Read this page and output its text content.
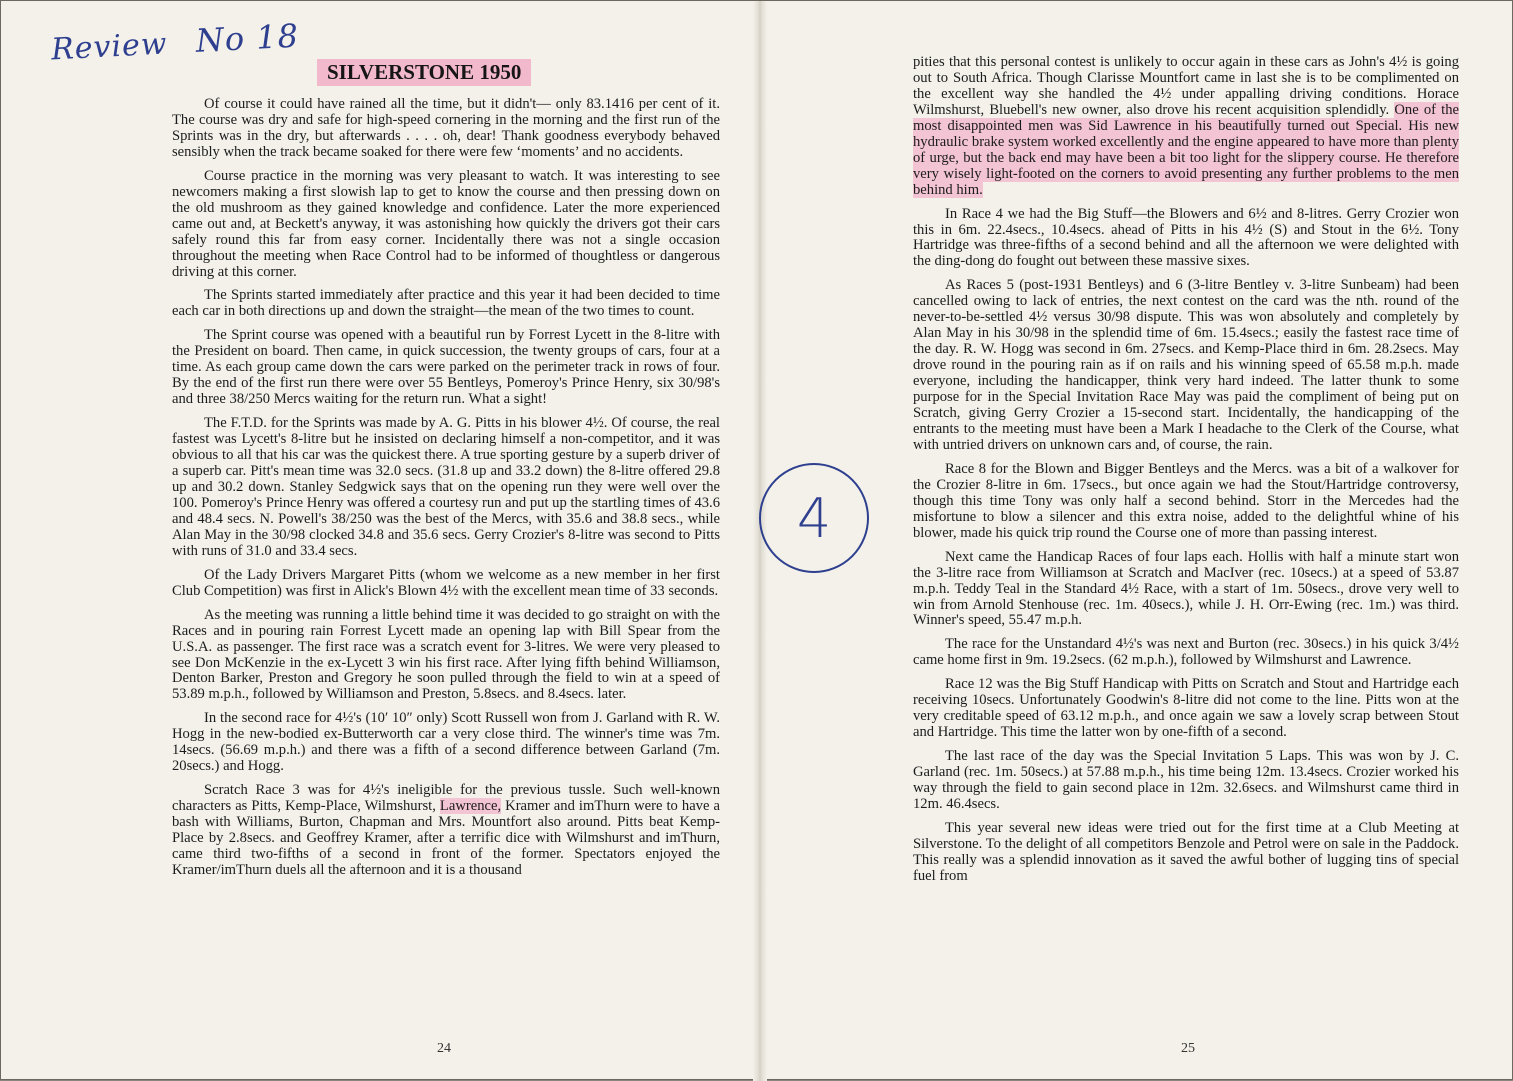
Review No 18
SILVERSTONE 1950

Of course it could have rained all the time, but it didn't— only 83.1416 per cent of it. The course was dry and safe for high-speed cornering in the morning and the first run of the Sprints was in the dry, but afterwards . . . . oh, dear! Thank goodness everybody behaved sensibly when the track became soaked for there were few ‘moments’ and no accidents.

Course practice in the morning was very pleasant to watch. It was interesting to see newcomers making a first slowish lap to get to know the course and then pressing down on the old mushroom as they gained knowledge and confidence. Later the more experienced came out and, at Beckett's anyway, it was astonishing how quickly the drivers got their cars safely round this far from easy corner. Incidentally there was not a single occasion throughout the meeting when Race Control had to be informed of thoughtless or dangerous driving at this corner.

The Sprints started immediately after practice and this year it had been decided to time each car in both directions up and down the straight—the mean of the two times to count.

The Sprint course was opened with a beautiful run by Forrest Lycett in the 8-litre with the President on board. Then came, in quick succession, the twenty groups of cars, four at a time. As each group came down the cars were parked on the perimeter track in rows of four. By the end of the first run there were over 55 Bentleys, Pomeroy's Prince Henry, six 30/98's and three 38/250 Mercs waiting for the return run. What a sight!

The F.T.D. for the Sprints was made by A. G. Pitts in his blower 4½. Of course, the real fastest was Lycett's 8-litre but he insisted on declaring himself a non-competitor, and it was obvious to all that his car was the quickest there. A true sporting gesture by a superb driver of a superb car. Pitt's mean time was 32.0 secs. (31.8 up and 33.2 down) the 8-litre offered 29.8 up and 30.2 down. Stanley Sedgwick says that on the opening run they were well over the 100. Pomeroy's Prince Henry was offered a courtesy run and put up the startling times of 43.6 and 48.4 secs. N. Powell's 38/250 was the best of the Mercs, with 35.6 and 38.8 secs., while Alan May in the 30/98 clocked 34.8 and 35.6 secs. Gerry Crozier's 8-litre was second to Pitts with runs of 31.0 and 33.4 secs.

Of the Lady Drivers Margaret Pitts (whom we welcome as a new member in her first Club Competition) was first in Alick's Blown 4½ with the excellent mean time of 33 seconds.

As the meeting was running a little behind time it was decided to go straight on with the Races and in pouring rain Forrest Lycett made an opening lap with Bill Spear from the U.S.A. as passenger. The first race was a scratch event for 3-litres. We were very pleased to see Don McKenzie in the ex-Lycett 3 win his first race. After lying fifth behind Williamson, Denton Barker, Preston and Gregory he soon pulled through the field to win at a speed of 53.89 m.p.h., followed by Williamson and Preston, 5.8secs. and 8.4secs. later.

In the second race for 4½'s (10′ 10″ only) Scott Russell won from J. Garland with R. W. Hogg in the new-bodied ex-Butterworth car a very close third. The winner's time was 7m. 14secs. (56.69 m.p.h.) and there was a fifth of a second difference between Garland (7m. 20secs.) and Hogg.

Scratch Race 3 was for 4½'s ineligible for the previous tussle. Such well-known characters as Pitts, Kemp-Place, Wilmshurst, Lawrence, Kramer and imThurn were to have a bash with Williams, Burton, Chapman and Mrs. Mountfort also around. Pitts beat Kemp-Place by 2.8secs. and Geoffrey Kramer, after a terrific dice with Wilmshurst and imThurn, came third two-fifths of a second in front of the former. Spectators enjoyed the Kramer/imThurn duels all the afternoon and it is a thousand

pities that this personal contest is unlikely to occur again in these cars as John's 4½ is going out to South Africa. Though Clarisse Mountfort came in last she is to be complimented on the excellent way she handled the 4½ under appalling driving conditions. Horace Wilmshurst, Bluebell's new owner, also drove his recent acquisition splendidly. One of the most disappointed men was Sid Lawrence in his beautifully turned out Special. His new hydraulic brake system worked excellently and the engine appeared to have more than plenty of urge, but the back end may have been a bit too light for the slippery course. He therefore very wisely light-footed on the corners to avoid presenting any further problems to the men behind him.

In Race 4 we had the Big Stuff—the Blowers and 6½ and 8-litres. Gerry Crozier won this in 6m. 22.4secs., 10.4secs. ahead of Pitts in his 4½ (S) and Stout in the 6½. Tony Hartridge was three-fifths of a second behind and all the afternoon we were delighted with the ding-dong do fought out between these massive sixes.

As Races 5 (post-1931 Bentleys) and 6 (3-litre Bentley v. 3-litre Sunbeam) had been cancelled owing to lack of entries, the next contest on the card was the nth. round of the never-to-be-settled 4½ versus 30/98 dispute. This was won absolutely and completely by Alan May in his 30/98 in the splendid time of 6m. 15.4secs.; easily the fastest race time of the day. R. W. Hogg was second in 6m. 27secs. and Kemp-Place third in 6m. 28.2secs. May drove round in the pouring rain as if on rails and his winning speed of 65.58 m.p.h. made everyone, including the handicapper, think very hard indeed. The latter thunk to some purpose for in the Special Invitation Race May was paid the compliment of being put on Scratch, giving Gerry Crozier a 15-second start. Incidentally, the handicapping of the entrants to the meeting must have been a Mark I headache to the Clerk of the Course, what with untried drivers on unknown cars and, of course, the rain.

Race 8 for the Blown and Bigger Bentleys and the Mercs. was a bit of a walkover for the Crozier 8-litre in 6m. 17secs., but once again we had the Stout/Hartridge controversy, though this time Tony was only half a second behind. Storr in the Mercedes had the misfortune to blow a silencer and this extra noise, added to the delightful whine of his blower, made his quick trip round the Course one of more than passing interest.

Next came the Handicap Races of four laps each. Hollis with half a minute start won the 3-litre race from Williamson at Scratch and MacIver (rec. 10secs.) at a speed of 53.87 m.p.h. Teddy Teal in the Standard 4½ Race, with a start of 1m. 50secs., drove very well to win from Arnold Stenhouse (rec. 1m. 40secs.), while J. H. Orr-Ewing (rec. 1m.) was third. Winner's speed, 55.47 m.p.h.

The race for the Unstandard 4½'s was next and Burton (rec. 30secs.) in his quick 3/4½ came home first in 9m. 19.2secs. (62 m.p.h.), followed by Wilmshurst and Lawrence.

Race 12 was the Big Stuff Handicap with Pitts on Scratch and Stout and Hartridge each receiving 10secs. Unfortunately Goodwin's 8-litre did not come to the line. Pitts won at the very creditable speed of 63.12 m.p.h., and once again we saw a lovely scrap between Stout and Hartridge. This time the latter won by one-fifth of a second.

The last race of the day was the Special Invitation 5 Laps. This was won by J. C. Garland (rec. 1m. 50secs.) at 57.88 m.p.h., his time being 12m. 13.4secs. Crozier worked his way through the field to gain second place in 12m. 32.6secs. and Wilmshurst came third in 12m. 46.4secs.

This year several new ideas were tried out for the first time at a Club Meeting at Silverstone. To the delight of all competitors Benzole and Petrol were on sale in the Paddock. This really was a splendid innovation as it saved the awful bother of lugging tins of special fuel from

4
24	25
